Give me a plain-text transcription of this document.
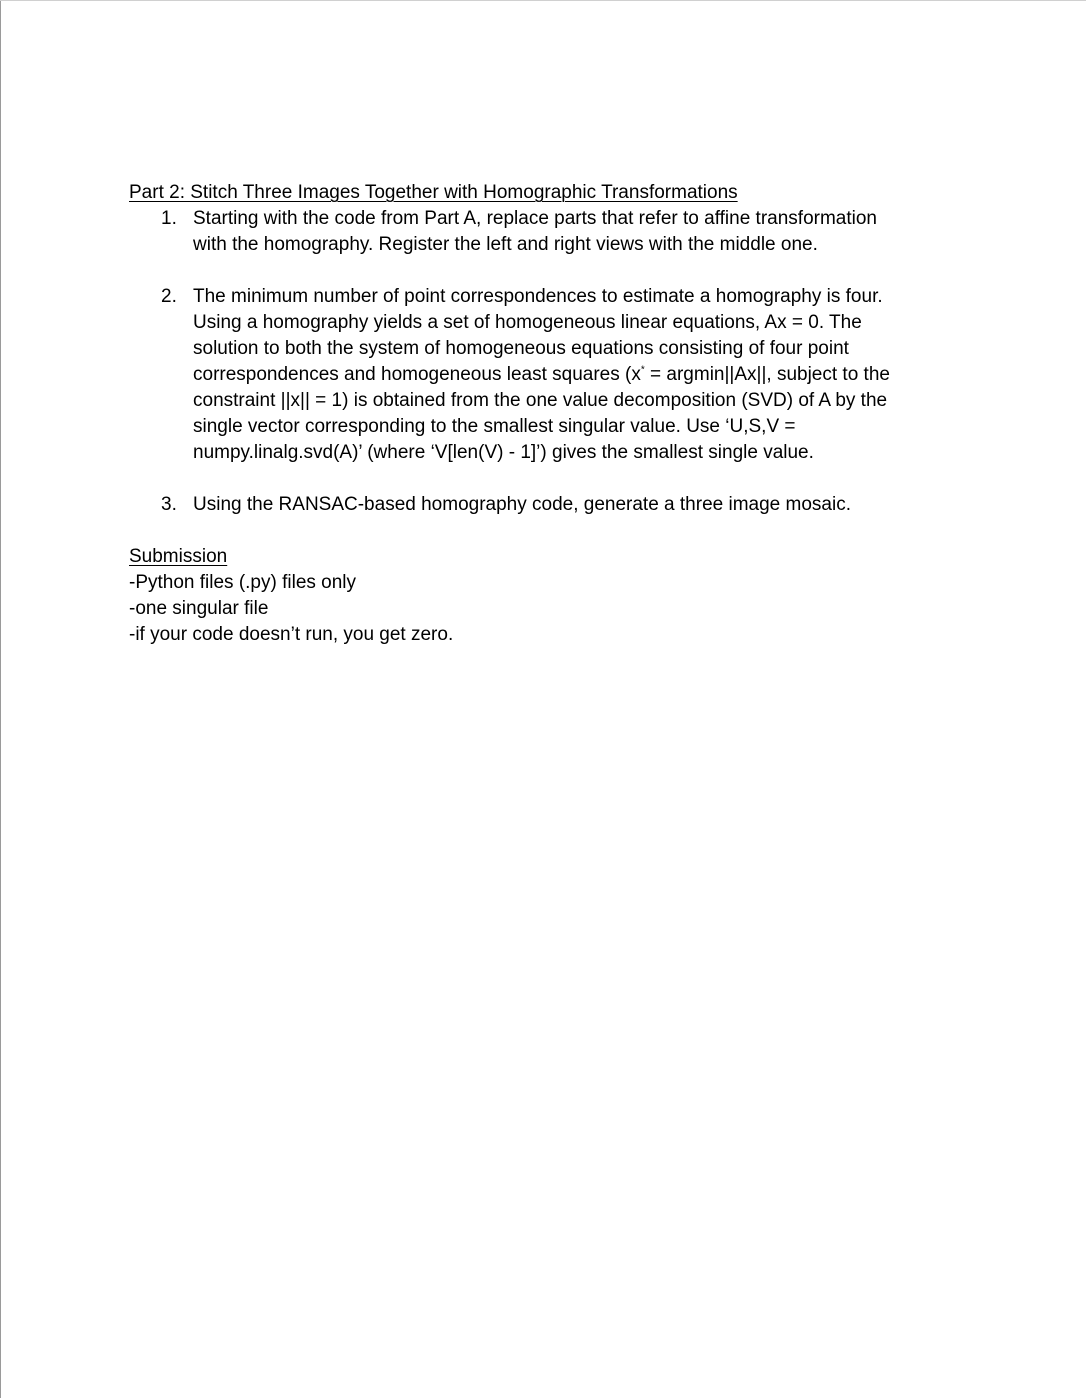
Part 2: Stitch Three Images Together with Homographic Transformations
1. Starting with the code from Part A, replace parts that refer to affine transformation
with the homography. Register the left and right views with the middle one.
2. The minimum number of point correspondences to estimate a homography is four.
Using a homography yields a set of homogeneous linear equations, Ax = 0. The
solution to both the system of homogeneous equations consisting of four point
correspondences and homogeneous least squares (x* = argmin||Ax||, subject to the
constraint ||x|| = 1) is obtained from the one value decomposition (SVD) of A by the
single vector corresponding to the smallest singular value. Use ‘U,S,V =
numpy.linalg.svd(A)’ (where ‘V[len(V) - 1]’) gives the smallest single value.
3. Using the RANSAC-based homography code, generate a three image mosaic.
Submission
-Python files (.py) files only
-one singular file
-if your code doesn’t run, you get zero.
